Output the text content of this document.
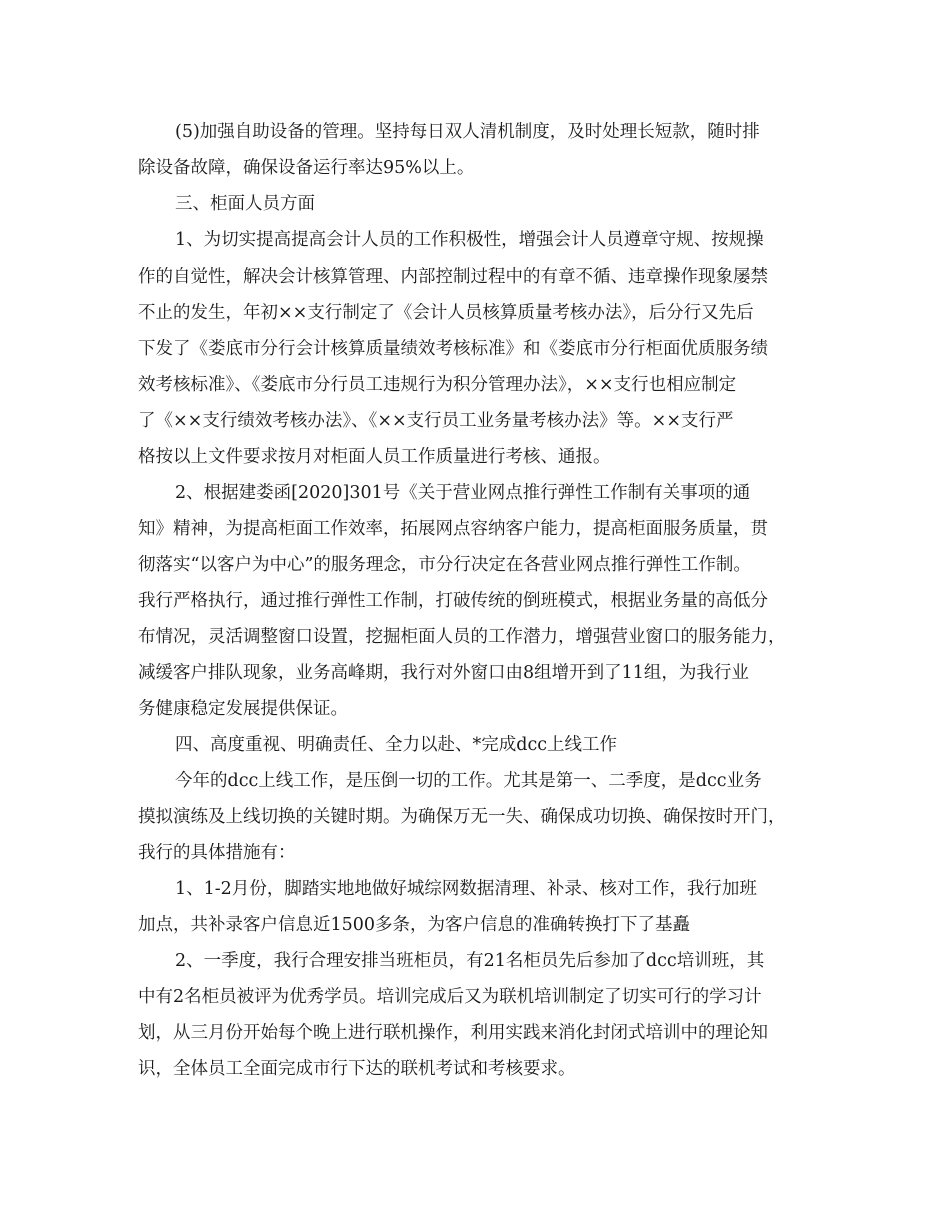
(5)加强自助设备的管理。坚持每日双人清机制度，及时处理长短款，随时排
除设备故障，确保设备运行率达95%以上。
三、柜面人员方面
1、为切实提高提高会计人员的工作积极性，增强会计人员遵章守规、按规操
作的自觉性，解决会计核算管理、内部控制过程中的有章不循、违章操作现象屡禁
不止的发生，年初××支行制定了《会计人员核算质量考核办法》，后分行又先后
下发了《娄底市分行会计核算质量绩效考核标准》和《娄底市分行柜面优质服务绩
效考核标准》、《娄底市分行员工违规行为积分管理办法》，××支行也相应制定
了《××支行绩效考核办法》、《××支行员工业务量考核办法》等。××支行严
格按以上文件要求按月对柜面人员工作质量进行考核、通报。
2、根据建娄函[2020]301号《关于营业网点推行弹性工作制有关事项的通
知》精神，为提高柜面工作效率，拓展网点容纳客户能力，提高柜面服务质量，贯
彻落实“以客户为中心”的服务理念，市分行决定在各营业网点推行弹性工作制。
我行严格执行，通过推行弹性工作制，打破传统的倒班模式，根据业务量的高低分
布情况，灵活调整窗口设置，挖掘柜面人员的工作潜力，增强营业窗口的服务能力，
减缓客户排队现象，业务高峰期，我行对外窗口由8组增开到了11组，为我行业
务健康稳定发展提供保证。
四、高度重视、明确责任、全力以赴、*完成dcc上线工作
今年的dcc上线工作，是压倒一切的工作。尤其是第一、二季度，是dcc业务
摸拟演练及上线切换的关键时期。为确保万无一失、确保成功切换、确保按时开门，
我行的具体措施有：
1、1-2月份，脚踏实地地做好城综网数据清理、补录、核对工作，我行加班
加点，共补录客户信息近1500多条，为客户信息的准确转换打下了基矗
2、一季度，我行合理安排当班柜员，有21名柜员先后参加了dcc培训班，其
中有2名柜员被评为优秀学员。培训完成后又为联机培训制定了切实可行的学习计
划，从三月份开始每个晚上进行联机操作，利用实践来消化封闭式培训中的理论知
识，全体员工全面完成市行下达的联机考试和考核要求。
